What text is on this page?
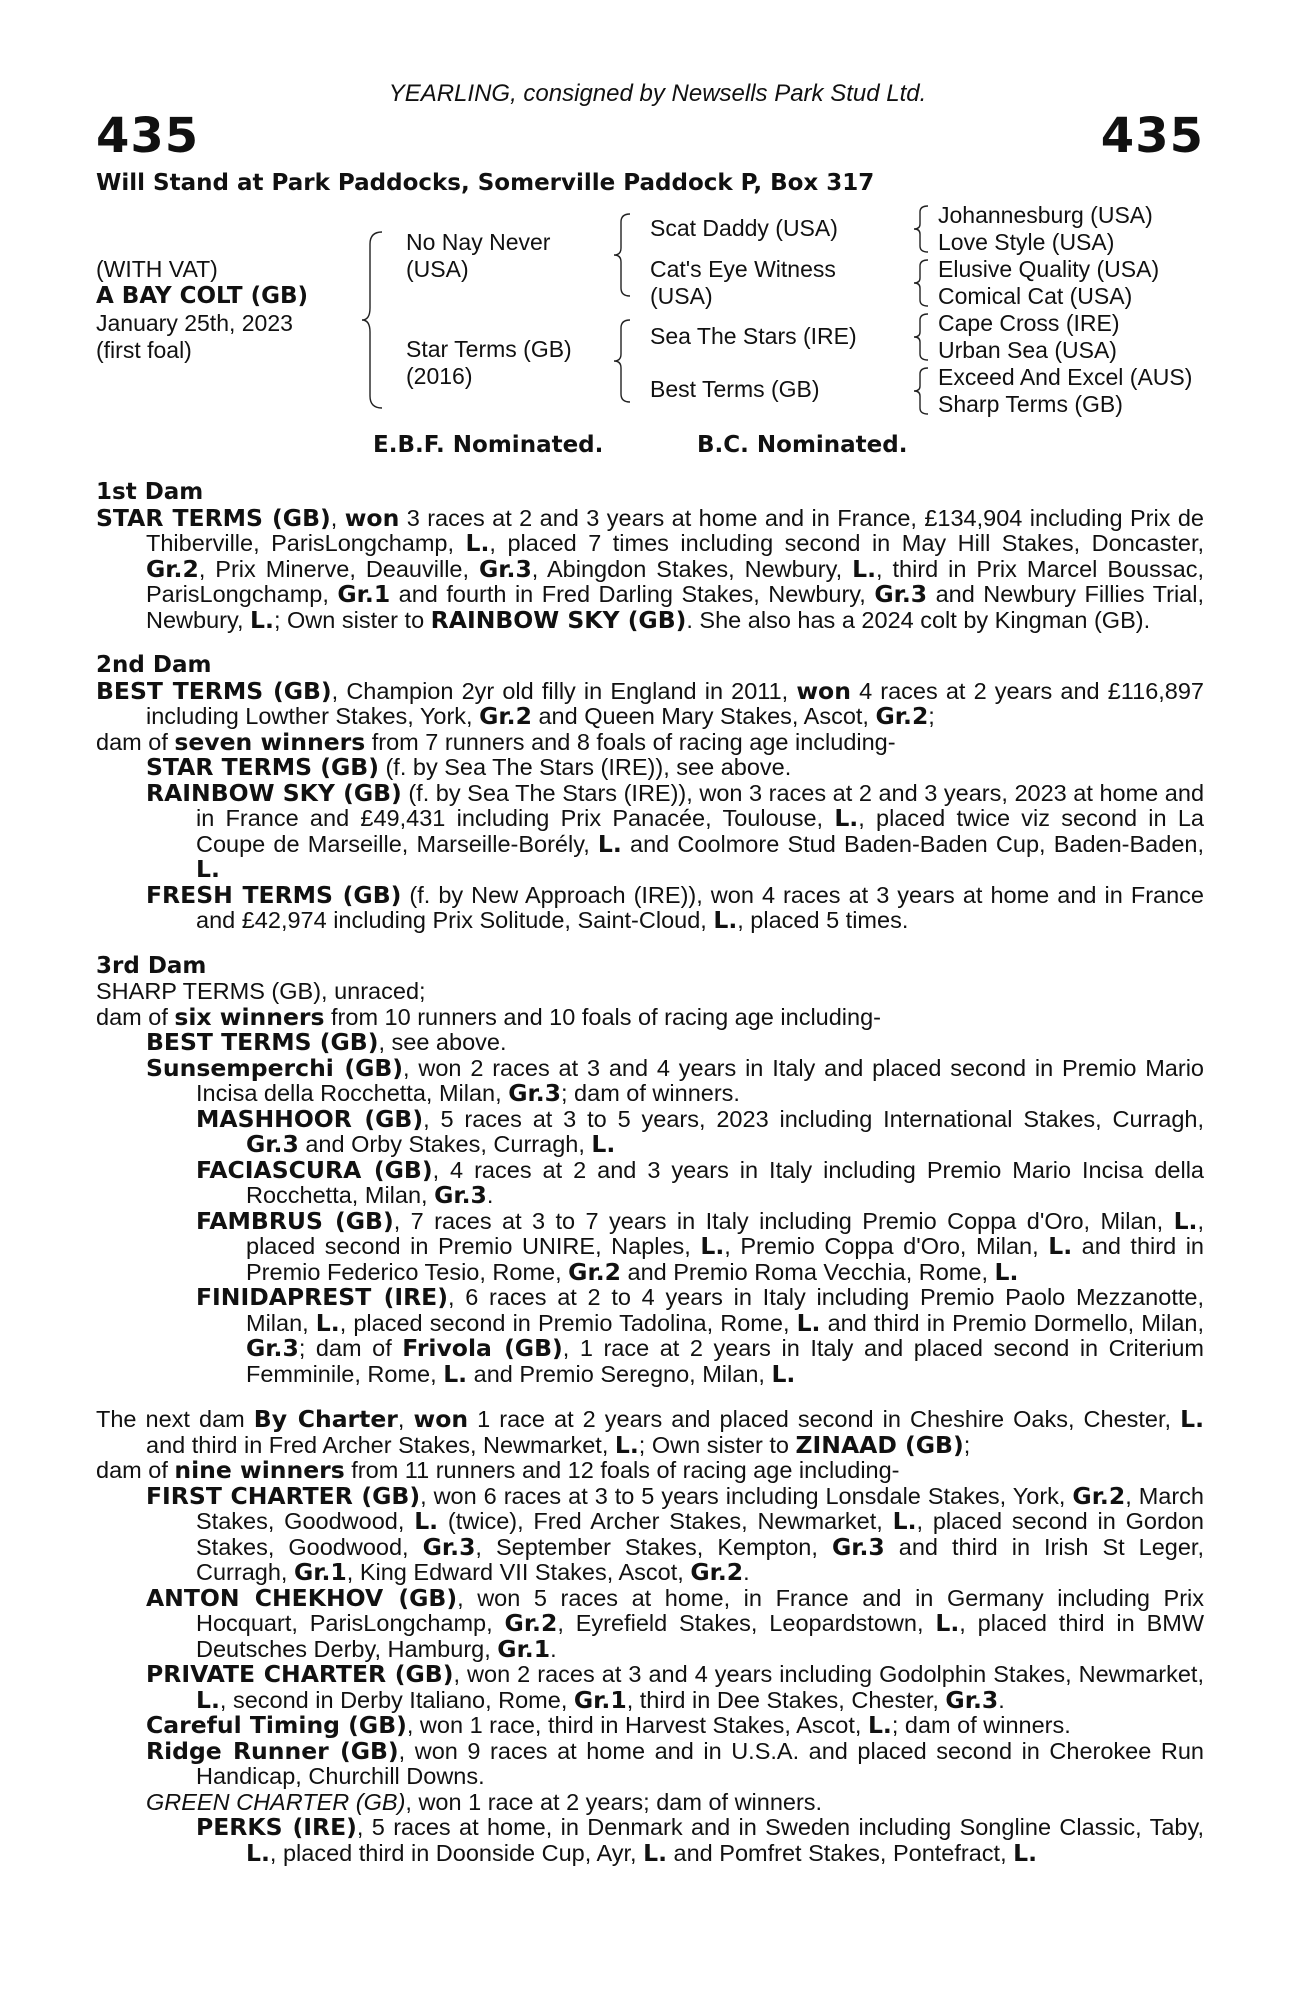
YEARLING, consigned by Newsells Park Stud Ltd.
435	435
Will Stand at Park Paddocks, Somerville Paddock P, Box 317
(WITH VAT)
A BAY COLT (GB)
January 25th, 2023
(first foal)
No Nay Never
(USA)
Star Terms (GB)
(2016)
Scat Daddy (USA)
Cat's Eye Witness
(USA)
Sea The Stars (IRE)
Best Terms (GB)
Johannesburg (USA)
Love Style (USA)
Elusive Quality (USA)
Comical Cat (USA)
Cape Cross (IRE)
Urban Sea (USA)
Exceed And Excel (AUS)
Sharp Terms (GB)
E.B.F. Nominated.	B.C. Nominated.
1st Dam

STAR TERMS (GB), won 3 races at 2 and 3 years at home and in France, £134,904 including Prix de Thiberville, ParisLongchamp, L., placed 7 times including second in May Hill Stakes, Doncaster, Gr.2, Prix Minerve, Deauville, Gr.3, Abingdon Stakes, Newbury, L., third in Prix Marcel Boussac, ParisLongchamp, Gr.1 and fourth in Fred Darling Stakes, Newbury, Gr.3 and Newbury Fillies Trial, Newbury, L.; Own sister to RAINBOW SKY (GB). She also has a 2024 colt by Kingman (GB).

2nd Dam

BEST TERMS (GB), Champion 2yr old filly in England in 2011, won 4 races at 2 years and £116,897 including Lowther Stakes, York, Gr.2 and Queen Mary Stakes, Ascot, Gr.2;

dam of seven winners from 7 runners and 8 foals of racing age including-

STAR TERMS (GB) (f. by Sea The Stars (IRE)), see above.

RAINBOW SKY (GB) (f. by Sea The Stars (IRE)), won 3 races at 2 and 3 years, 2023 at home and in France and £49,431 including Prix Panacée, Toulouse, L., placed twice viz second in La Coupe de Marseille, Marseille-Borély, L. and Coolmore Stud Baden-Baden Cup, Baden-Baden, L.

FRESH TERMS (GB) (f. by New Approach (IRE)), won 4 races at 3 years at home and in France and £42,974 including Prix Solitude, Saint-Cloud, L., placed 5 times.

3rd Dam

SHARP TERMS (GB), unraced;

dam of six winners from 10 runners and 10 foals of racing age including-

BEST TERMS (GB), see above.

Sunsemperchi (GB), won 2 races at 3 and 4 years in Italy and placed second in Premio Mario Incisa della Rocchetta, Milan, Gr.3; dam of winners.

MASHHOOR (GB), 5 races at 3 to 5 years, 2023 including International Stakes, Curragh, Gr.3 and Orby Stakes, Curragh, L.

FACIASCURA (GB), 4 races at 2 and 3 years in Italy including Premio Mario Incisa della Rocchetta, Milan, Gr.3.

FAMBRUS (GB), 7 races at 3 to 7 years in Italy including Premio Coppa d'Oro, Milan, L., placed second in Premio UNIRE, Naples, L., Premio Coppa d'Oro, Milan, L. and third in Premio Federico Tesio, Rome, Gr.2 and Premio Roma Vecchia, Rome, L.

FINIDAPREST (IRE), 6 races at 2 to 4 years in Italy including Premio Paolo Mezzanotte, Milan, L., placed second in Premio Tadolina, Rome, L. and third in Premio Dormello, Milan, Gr.3; dam of Frivola (GB), 1 race at 2 years in Italy and placed second in Criterium Femminile, Rome, L. and Premio Seregno, Milan, L.

The next dam By Charter, won 1 race at 2 years and placed second in Cheshire Oaks, Chester, L. and third in Fred Archer Stakes, Newmarket, L.; Own sister to ZINAAD (GB);

dam of nine winners from 11 runners and 12 foals of racing age including-

FIRST CHARTER (GB), won 6 races at 3 to 5 years including Lonsdale Stakes, York, Gr.2, March Stakes, Goodwood, L. (twice), Fred Archer Stakes, Newmarket, L., placed second in Gordon Stakes, Goodwood, Gr.3, September Stakes, Kempton, Gr.3 and third in Irish St Leger, Curragh, Gr.1, King Edward VII Stakes, Ascot, Gr.2.

ANTON CHEKHOV (GB), won 5 races at home, in France and in Germany including Prix Hocquart, ParisLongchamp, Gr.2, Eyrefield Stakes, Leopardstown, L., placed third in BMW Deutsches Derby, Hamburg, Gr.1.

PRIVATE CHARTER (GB), won 2 races at 3 and 4 years including Godolphin Stakes, Newmarket, L., second in Derby Italiano, Rome, Gr.1, third in Dee Stakes, Chester, Gr.3.

Careful Timing (GB), won 1 race, third in Harvest Stakes, Ascot, L.; dam of winners.

Ridge Runner (GB), won 9 races at home and in U.S.A. and placed second in Cherokee Run Handicap, Churchill Downs.

GREEN CHARTER (GB), won 1 race at 2 years; dam of winners.

PERKS (IRE), 5 races at home, in Denmark and in Sweden including Songline Classic, Taby, L., placed third in Doonside Cup, Ayr, L. and Pomfret Stakes, Pontefract, L.
